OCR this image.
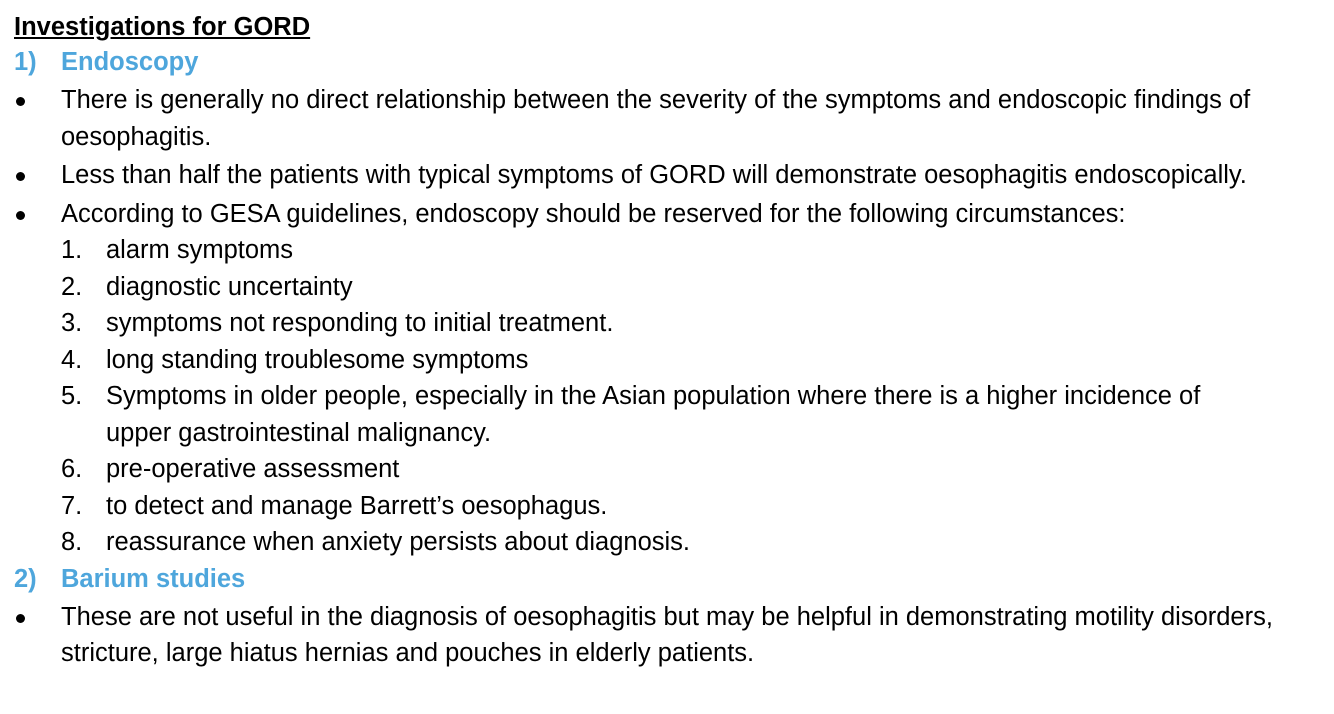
Investigations for GORD
1) Endoscopy
There is generally no direct relationship between the severity of the symptoms and endoscopic findings of oesophagitis.
Less than half the patients with typical symptoms of GORD will demonstrate oesophagitis endoscopically.
According to GESA guidelines, endoscopy should be reserved for the following circumstances:
1. alarm symptoms
2. diagnostic uncertainty
3. symptoms not responding to initial treatment.
4. long standing troublesome symptoms
5. Symptoms in older people, especially in the Asian population where there is a higher incidence of upper gastrointestinal malignancy.
6. pre-operative assessment
7. to detect and manage Barrett’s oesophagus.
8. reassurance when anxiety persists about diagnosis.
2) Barium studies
These are not useful in the diagnosis of oesophagitis but may be helpful in demonstrating motility disorders, stricture, large hiatus hernias and pouches in elderly patients.
